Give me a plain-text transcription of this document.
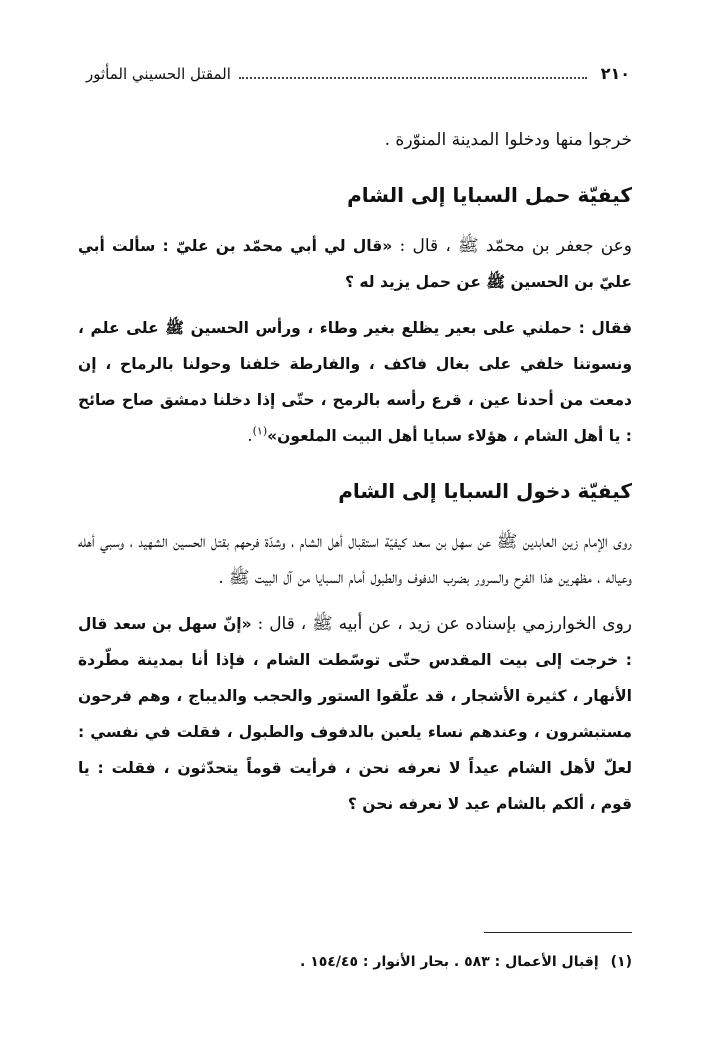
٢١٠
المقتل الحسيني المأثور

خرجوا منها ودخلوا المدينة المنوّرة .

كيفيّة حمل السبايا إلى الشام

وعن جعفر بن محمّد ﷺ ، قال : «قال لي أبي محمّد بن عليّ : سألت أبي عليّ بن الحسين ﷺ عن حمل يزيد له ؟

فقال : حملني على بعير يظلع بغير وطاء ، ورأس الحسين ﷺ على علم ، ونسوتنا خلفي على بغال فاكف ، والفارطة خلفنا وحولنا بالرماح ، إن دمعت من أحدنا عين ، قرع رأسه بالرمح ، حتّى إذا دخلنا دمشق صاح صائح : يا أهل الشام ، هؤلاء سبايا أهل البيت الملعون»$^{(١)}$.

كيفيّة دخول السبايا إلى الشام

روى الإمام زين العابدين ﷺ عن سهل بن سعد كيفيّة استقبال أهل الشام ، وشدّة فرحهم بقتل الحسين الشهيد ، وسبي أهله وعياله ، مظهرين هذا الفرح والسرور بضرب الدفوف والطبول أمام السبايا من آل البيت ﷺ .

روى الخوارزمي بإسناده عن زيد ، عن أبيه ﷺ ، قال : «إنّ سهل بن سعد قال : خرجت إلى بيت المقدس حتّى توسّطت الشام ، فإذا أنا بمدينة مطّردة الأنهار ، كثيرة الأشجار ، قد علّقوا الستور والحجب والديباج ، وهم فرحون مستبشرون ، وعندهم نساء يلعبن بالدفوف والطبول ، فقلت في نفسي : لعلّ لأهل الشام عيداً لا نعرفه نحن ، فرأيت قوماً يتحدّثون ، فقلت : يا قوم ، ألكم بالشام عيد لا نعرفه نحن ؟

(١)إقبال الأعمال : ٥٨٣ . بحار الأنوار : ١٥٤/٤٥ .
